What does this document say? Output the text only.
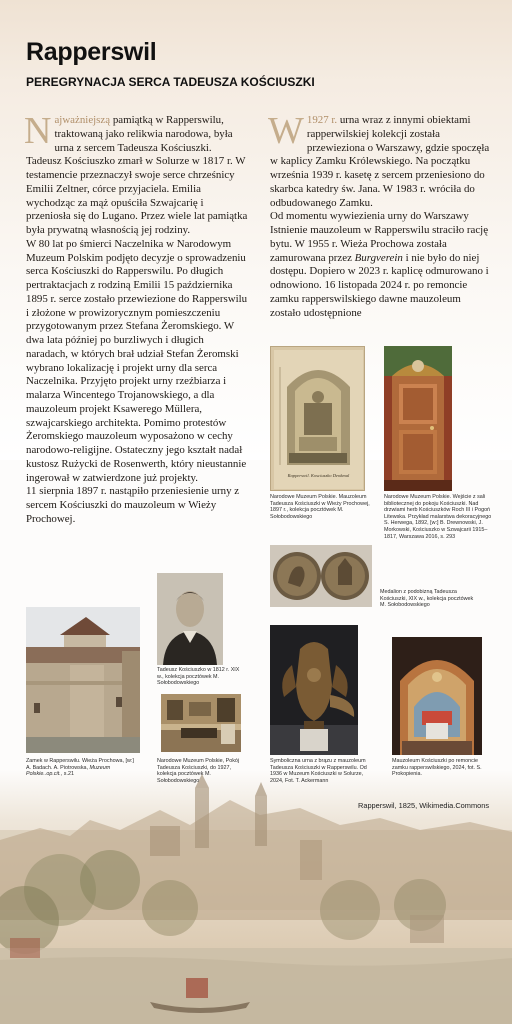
Rapperswil
PEREGRYNACJA SERCA TADEUSZA KOŚCIUSZKI

Najważniejszą pamiątką w Rapperswilu, traktowaną jako relikwia narodowa, była urna z sercem Tadeusza Kościuszki. Tadeusz Kościuszko zmarł w Solurze w 1817 r. W testamencie przeznaczył swoje serce chrześnicy Emilii Zeltner, córce przyjaciela. Emilia wychodząc za mąż opuściła Szwajcarię i przeniosła się do Lugano. Przez wiele lat pamiątka była prywatną własnością jej rodziny.
W 80 lat po śmierci Naczelnika w Narodowym Muzeum Polskim podjęto decyzje o sprowadzeniu serca Kościuszki do Rapperswilu. Po długich pertraktacjach z rodziną Emilii 15 października 1895 r. serce zostało przewiezione do Rapperswilu i złożone w prowizorycznym pomieszczeniu przygotowanym przez Stefana Żeromskiego. W dwa lata później po burzliwych i długich naradach, w których brał udział Stefan Żeromski wybrano lokalizację i projekt urny dla serca Naczelnika. Przyjęto projekt urny rzeźbiarza i malarza Wincentego Trojanowskiego, a dla mauzoleum projekt Ksawerego Müllera, szwajcarskiego architekta. Pomimo protestów Żeromskiego mauzoleum wyposażono w cechy narodowo-religijne. Ostateczny jego kształt nadał kustosz Rużycki de Rosenwerth, który nieustannie ingerował w zatwierdzone już projekty.
11 sierpnia 1897 r. nastąpiło przeniesienie urny z sercem Kościuszki do mauzoleum w Wieży Prochowej.

W 1927 r. urna wraz z innymi obiektami rapperwilskiej kolekcji została przewieziona o Warszawy, gdzie spoczęła w kaplicy Zamku Królewskiego. Na początku września 1939 r. kasetę z sercem przeniesiono do skarbca katedry św. Jana. W 1983 r. wróciła do odbudowanego Zamku.
Od momentu wywiezienia urny do Warszawy Istnienie mauzoleum w Rapperswilu straciło rację bytu. W 1955 r. Wieża Prochowa została zamurowana przez Burgverein i nie było do niej dostępu. Dopiero w 2023 r. kaplicę odmurowano i odnowiono. 16 listopada 2024 r. po remoncie zamku rapperswilskiego dawne mauzoleum zostało udostępnione

Rapperswil. Kosciuszko Denkmal
Narodowe Muzeum Polskie. Mauzoleum Tadeusza Kościuszki w Wieży Prochowej, 1897 r., kolekcja pocztówek M. Sołobodowskiego
Narodowe Muzeum Polskie. Wejście z sali bibliotecznej do pokoju Kościuszki. Nad drzwiami herb Kościuszków Roch III i Pogoń Litewska. Przykład malarstwa dekoracyjnego S. Herwega, 1892, [w:] B. Drewnowski, J. Morkowski, Kościuszko w Szwajcarii 1915–1817, Warszawa 2016, s. 293
Medalion z podobizną Tadeusza Kościuszki, XIX w., kolekcja pocztówek M. Sołobodowskiego
Tadeusz Kościuszko w 1812 r. XIX w., kolekcja pocztówek M. Sołobodowskiego
Narodowe Muzeum Polskie, Pokój Tadeusza Kościuszki, do 1927, kolekcja pocztówek M. Sołobodowskiego
Zamek w Rapperswilu. Wieża Prochowa, [w:] A. Badach. A. Piotrowska, Muzeum Polskie..op.cit., s.21
Symboliczna urna z brązu z mauzoleum Tadeusza Kościuszki w Rapperswilu. Od 1936 w Muzeum Kościuszki w Solurze, 2024, Fot. T. Ackermann
Mauzoleum Kościuszki po remoncie zamku rapperswilskiego, 2024, fot. S. Prokopienia.
Rapperswil, 1825, Wikimedia.Commons
